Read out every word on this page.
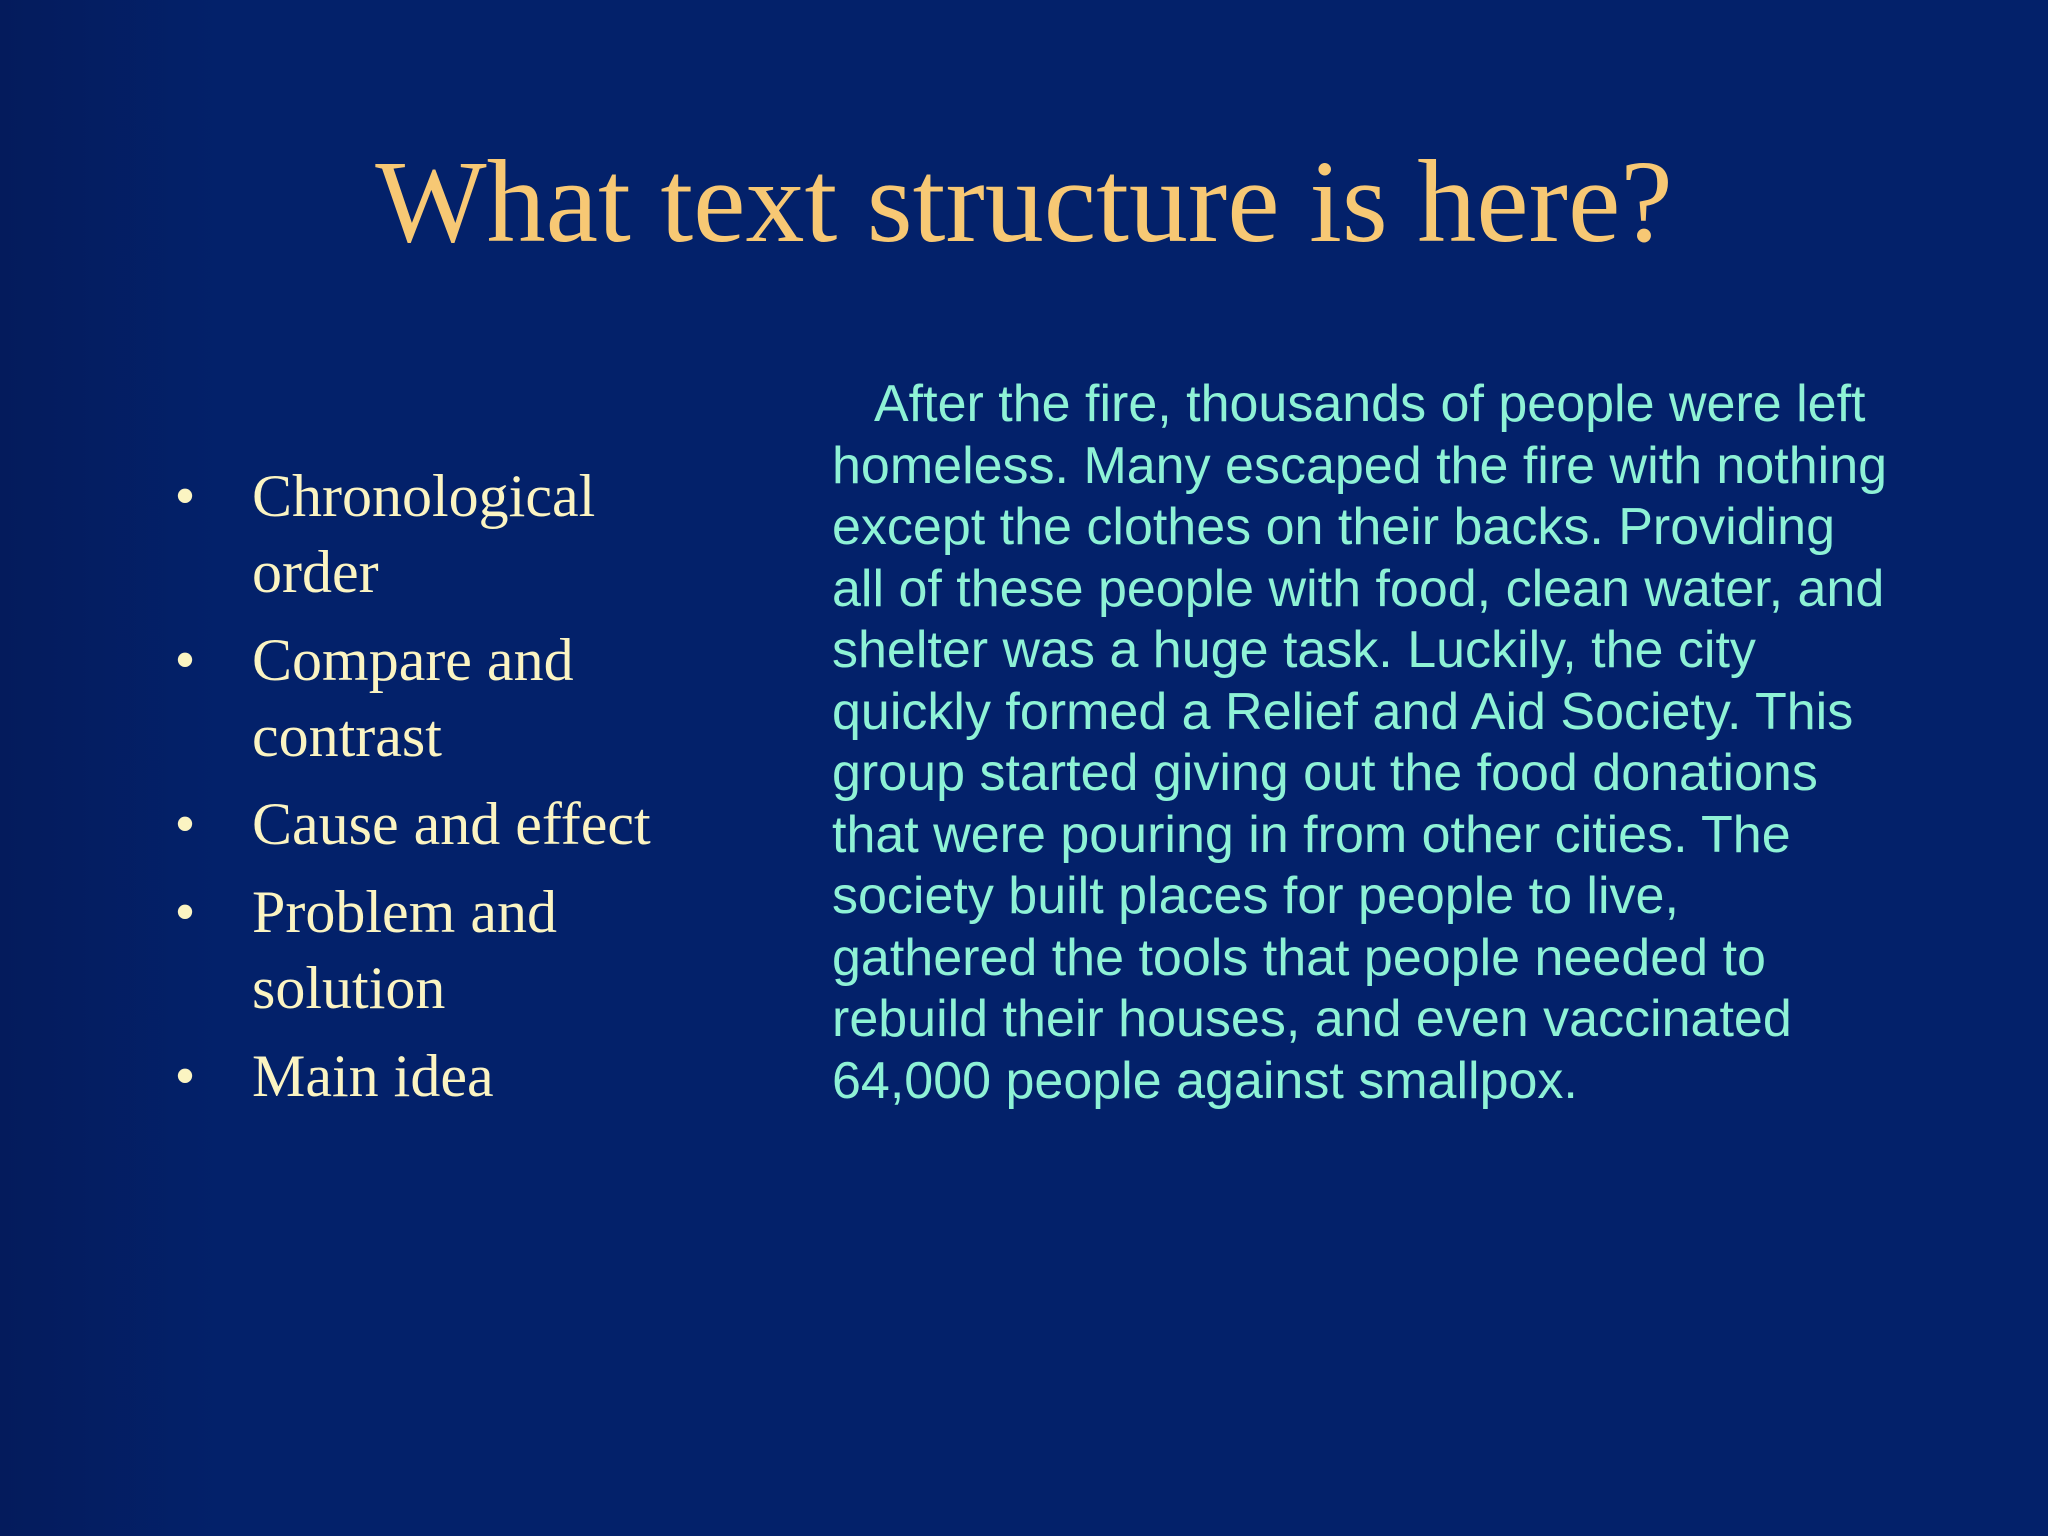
What text structure is here?
• Chronological order
• Compare and contrast
• Cause and effect
• Problem and solution
• Main idea

After the fire, thousands of people were left homeless. Many escaped the fire with nothing except the clothes on their backs. Providing all of these people with food, clean water, and shelter was a huge task. Luckily, the city quickly formed a Relief and Aid Society. This group started giving out the food donations that were pouring in from other cities. The society built places for people to live, gathered the tools that people needed to rebuild their houses, and even vaccinated 64,000 people against smallpox.
